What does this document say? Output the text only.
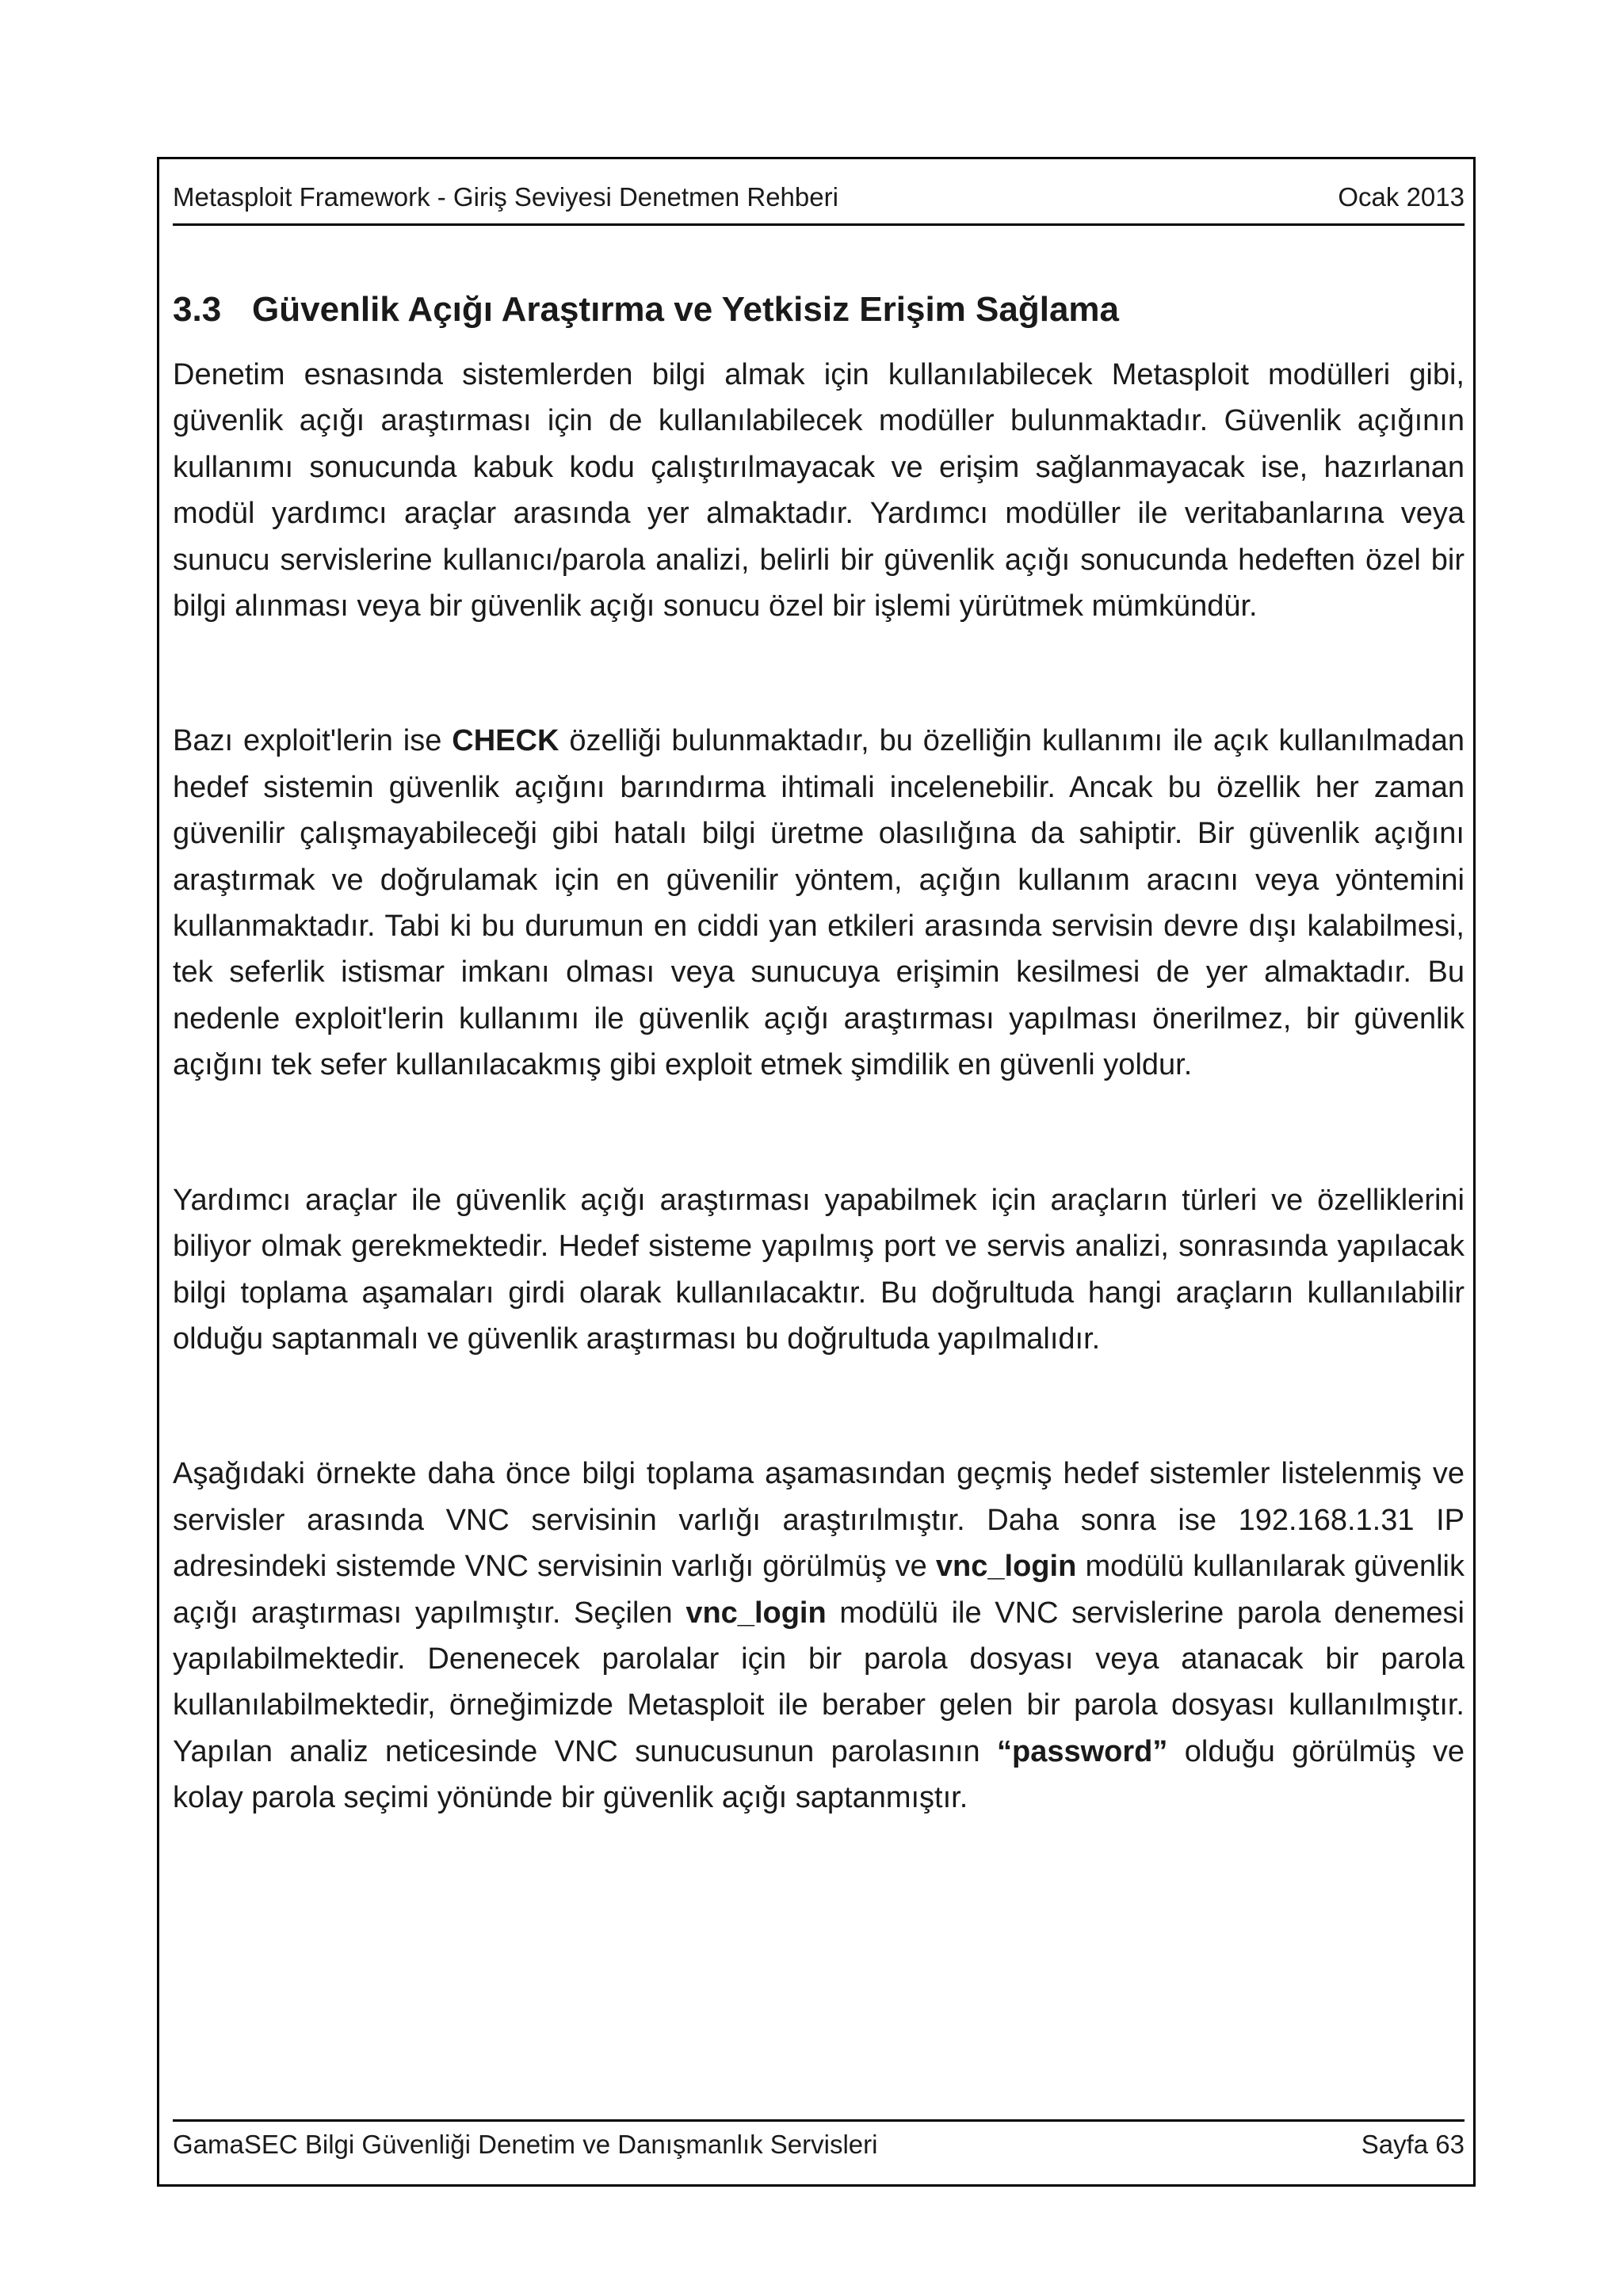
Metasploit Framework - Giriş Seviyesi Denetmen Rehberi	Ocak 2013
3.3 Güvenlik Açığı Araştırma ve Yetkisiz Erişim Sağlama

Denetim esnasında sistemlerden bilgi almak için kullanılabilecek Metasploit modülleri gibi, güvenlik açığı araştırması için de kullanılabilecek modüller bulunmaktadır. Güvenlik açığının kullanımı sonucunda kabuk kodu çalıştırılmayacak ve erişim sağlanmayacak ise, hazırlanan modül yardımcı araçlar arasında yer almaktadır. Yardımcı modüller ile veritabanlarına veya sunucu servislerine kullanıcı/parola analizi, belirli bir güvenlik açığı sonucunda hedeften özel bir bilgi alınması veya bir güvenlik açığı sonucu özel bir işlemi yürütmek mümkündür.

Bazı exploit'lerin ise CHECK özelliği bulunmaktadır, bu özelliğin kullanımı ile açık kullanılmadan hedef sistemin güvenlik açığını barındırma ihtimali incelenebilir. Ancak bu özellik her zaman güvenilir çalışmayabileceği gibi hatalı bilgi üretme olasılığına da sahiptir. Bir güvenlik açığını araştırmak ve doğrulamak için en güvenilir yöntem, açığın kullanım aracını veya yöntemini kullanmaktadır. Tabi ki bu durumun en ciddi yan etkileri arasında servisin devre dışı kalabilmesi, tek seferlik istismar imkanı olması veya sunucuya erişimin kesilmesi de yer almaktadır. Bu nedenle exploit'lerin kullanımı ile güvenlik açığı araştırması yapılması önerilmez, bir güvenlik açığını tek sefer kullanılacakmış gibi exploit etmek şimdilik en güvenli yoldur.

Yardımcı araçlar ile güvenlik açığı araştırması yapabilmek için araçların türleri ve özelliklerini biliyor olmak gerekmektedir. Hedef sisteme yapılmış port ve servis analizi, sonrasında yapılacak bilgi toplama aşamaları girdi olarak kullanılacaktır. Bu doğrultuda hangi araçların kullanılabilir olduğu saptanmalı ve güvenlik araştırması bu doğrultuda yapılmalıdır.

Aşağıdaki örnekte daha önce bilgi toplama aşamasından geçmiş hedef sistemler listelenmiş ve servisler arasında VNC servisinin varlığı araştırılmıştır. Daha sonra ise 192.168.1.31 IP adresindeki sistemde VNC servisinin varlığı görülmüş ve vnc_login modülü kullanılarak güvenlik açığı araştırması yapılmıştır. Seçilen vnc_login modülü ile VNC servislerine parola denemesi yapılabilmektedir. Denenecek parolalar için bir parola dosyası veya atanacak bir parola kullanılabilmektedir, örneğimizde Metasploit ile beraber gelen bir parola dosyası kullanılmıştır. Yapılan analiz neticesinde VNC sunucusunun parolasının “password” olduğu görülmüş ve kolay parola seçimi yönünde bir güvenlik açığı saptanmıştır.

GamaSEC Bilgi Güvenliği Denetim ve Danışmanlık Servisleri	Sayfa 63
